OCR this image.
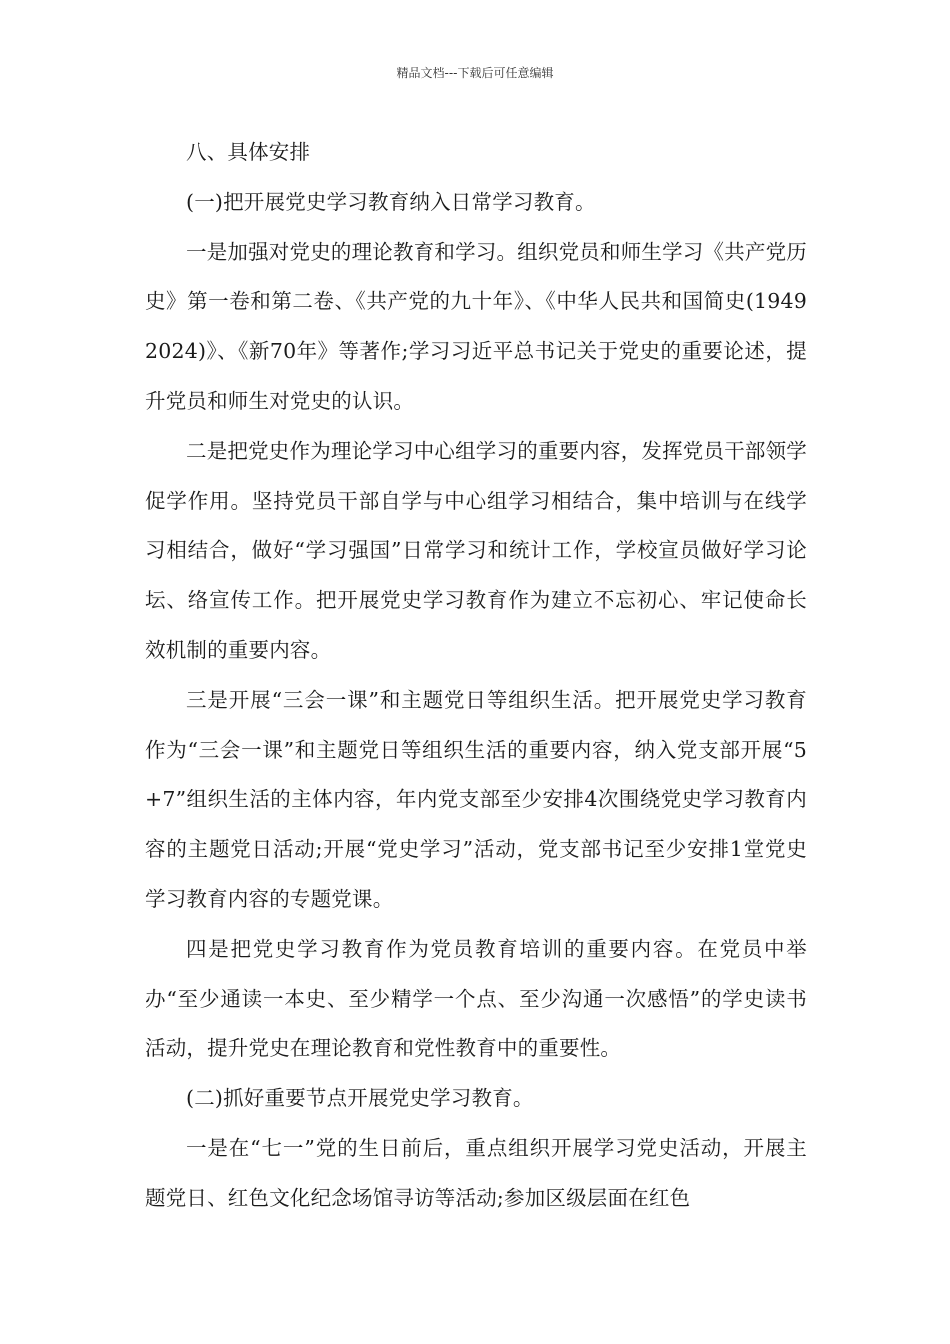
精品文档---下载后可任意编辑

八、具体安排

(一)把开展党史学习教育纳入日常学习教育。

一是加强对党史的理论教育和学习。组织党员和师生学习《共产党历史》第一卷和第二卷、《共产党的九十年》、《中华人民共和国简史(19492024)》、《新70年》等著作;学习习近平总书记关于党史的重要论述，提升党员和师生对党史的认识。

二是把党史作为理论学习中心组学习的重要内容，发挥党员干部领学促学作用。坚持党员干部自学与中心组学习相结合，集中培训与在线学习相结合，做好“学习强国”日常学习和统计工作，学校宣员做好学习论坛、络宣传工作。把开展党史学习教育作为建立不忘初心、牢记使命长效机制的重要内容。

三是开展“三会一课”和主题党日等组织生活。把开展党史学习教育作为“三会一课”和主题党日等组织生活的重要内容，纳入党支部开展“5+7”组织生活的主体内容，年内党支部至少安排4次围绕党史学习教育内容的主题党日活动;开展“党史学习”活动，党支部书记至少安排1堂党史学习教育内容的专题党课。

四是把党史学习教育作为党员教育培训的重要内容。在党员中举办“至少通读一本史、至少精学一个点、至少沟通一次感悟”的学史读书活动，提升党史在理论教育和党性教育中的重要性。

(二)抓好重要节点开展党史学习教育。

一是在“七一”党的生日前后，重点组织开展学习党史活动，开展主题党日、红色文化纪念场馆寻访等活动;参加区级层面在红色
